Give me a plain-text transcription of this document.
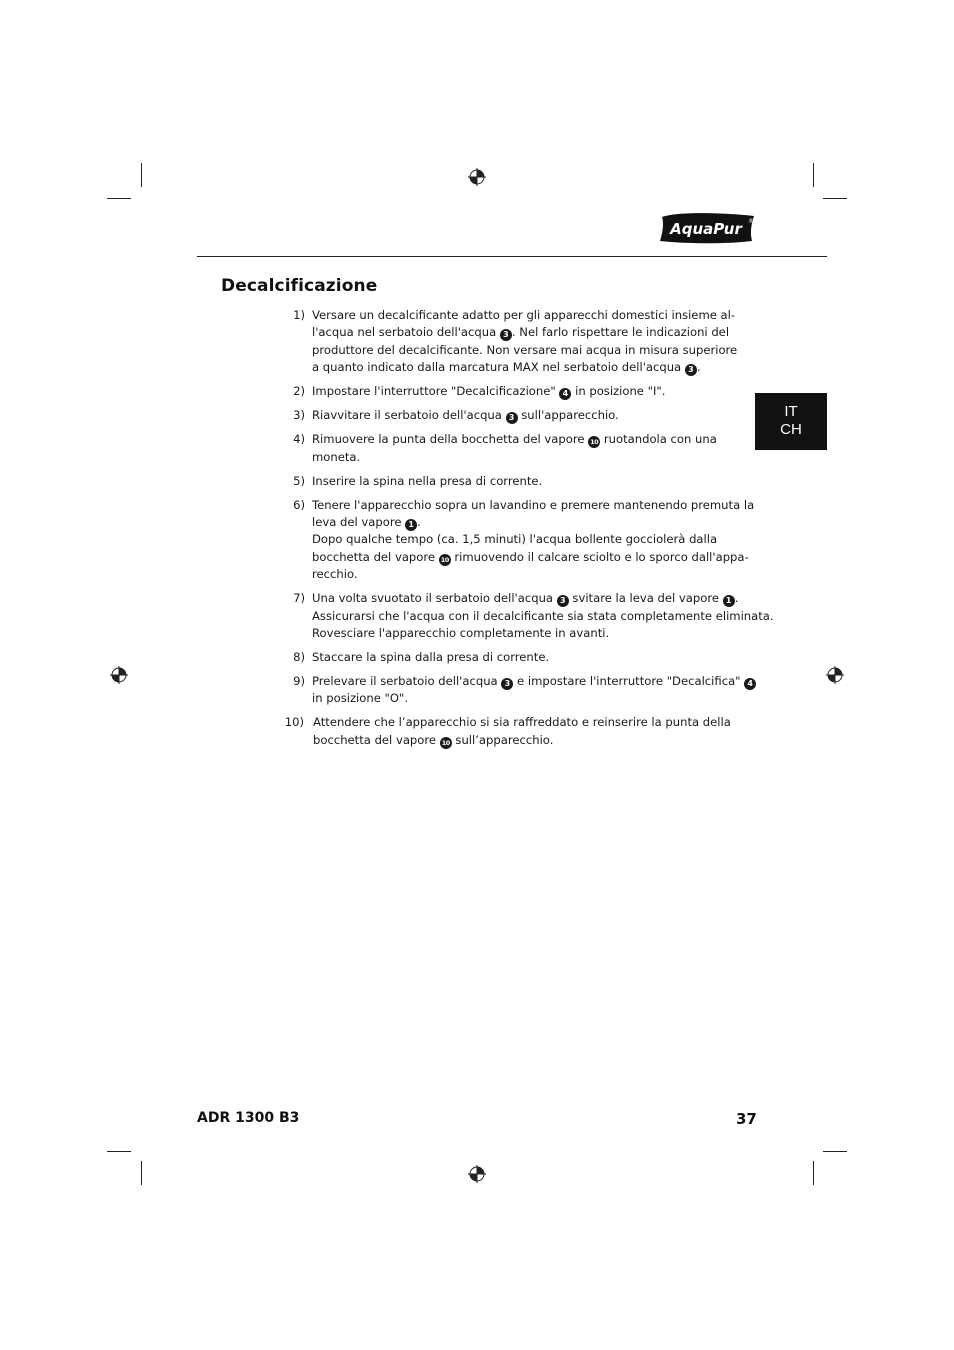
AquaPur ®
Decalcificazione
1) Versare un decalcificante adatto per gli apparecchi domestici insieme al-
l'acqua nel serbatoio dell'acqua 3 . Nel farlo rispettare le indicazioni del
produttore del decalcificante. Non versare mai acqua in misura superiore
a quanto indicato dalla marcatura MAX nel serbatoio dell'acqua 3 .
2) Impostare l'interruttore "Decalcificazione" 4 in posizione "I".
3) Riavvitare il serbatoio dell'acqua 3 sull'apparecchio.
4) Rimuovere la punta della bocchetta del vapore 10 ruotandola con una
moneta.
5) Inserire la spina nella presa di corrente.
6) Tenere l'apparecchio sopra un lavandino e premere mantenendo premuta la
leva del vapore 1 .
Dopo qualche tempo (ca. 1,5 minuti) l'acqua bollente gocciolerà dalla
bocchetta del vapore 10 rimuovendo il calcare sciolto e lo sporco dall'appa-
recchio.
7) Una volta svuotato il serbatoio dell'acqua 3 svitare la leva del vapore 1 .
Assicurarsi che l'acqua con il decalcificante sia stata completamente eliminata.
Rovesciare l'apparecchio completamente in avanti.
8) Staccare la spina dalla presa di corrente.
9) Prelevare il serbatoio dell'acqua 3 e impostare l'interruttore "Decalcifica" 4
in posizione "O".
10) Attendere che l’apparecchio si sia raffreddato e reinserire la punta della
bocchetta del vapore 10 sull’apparecchio.
IT
CH
ADR 1300 B3	37
